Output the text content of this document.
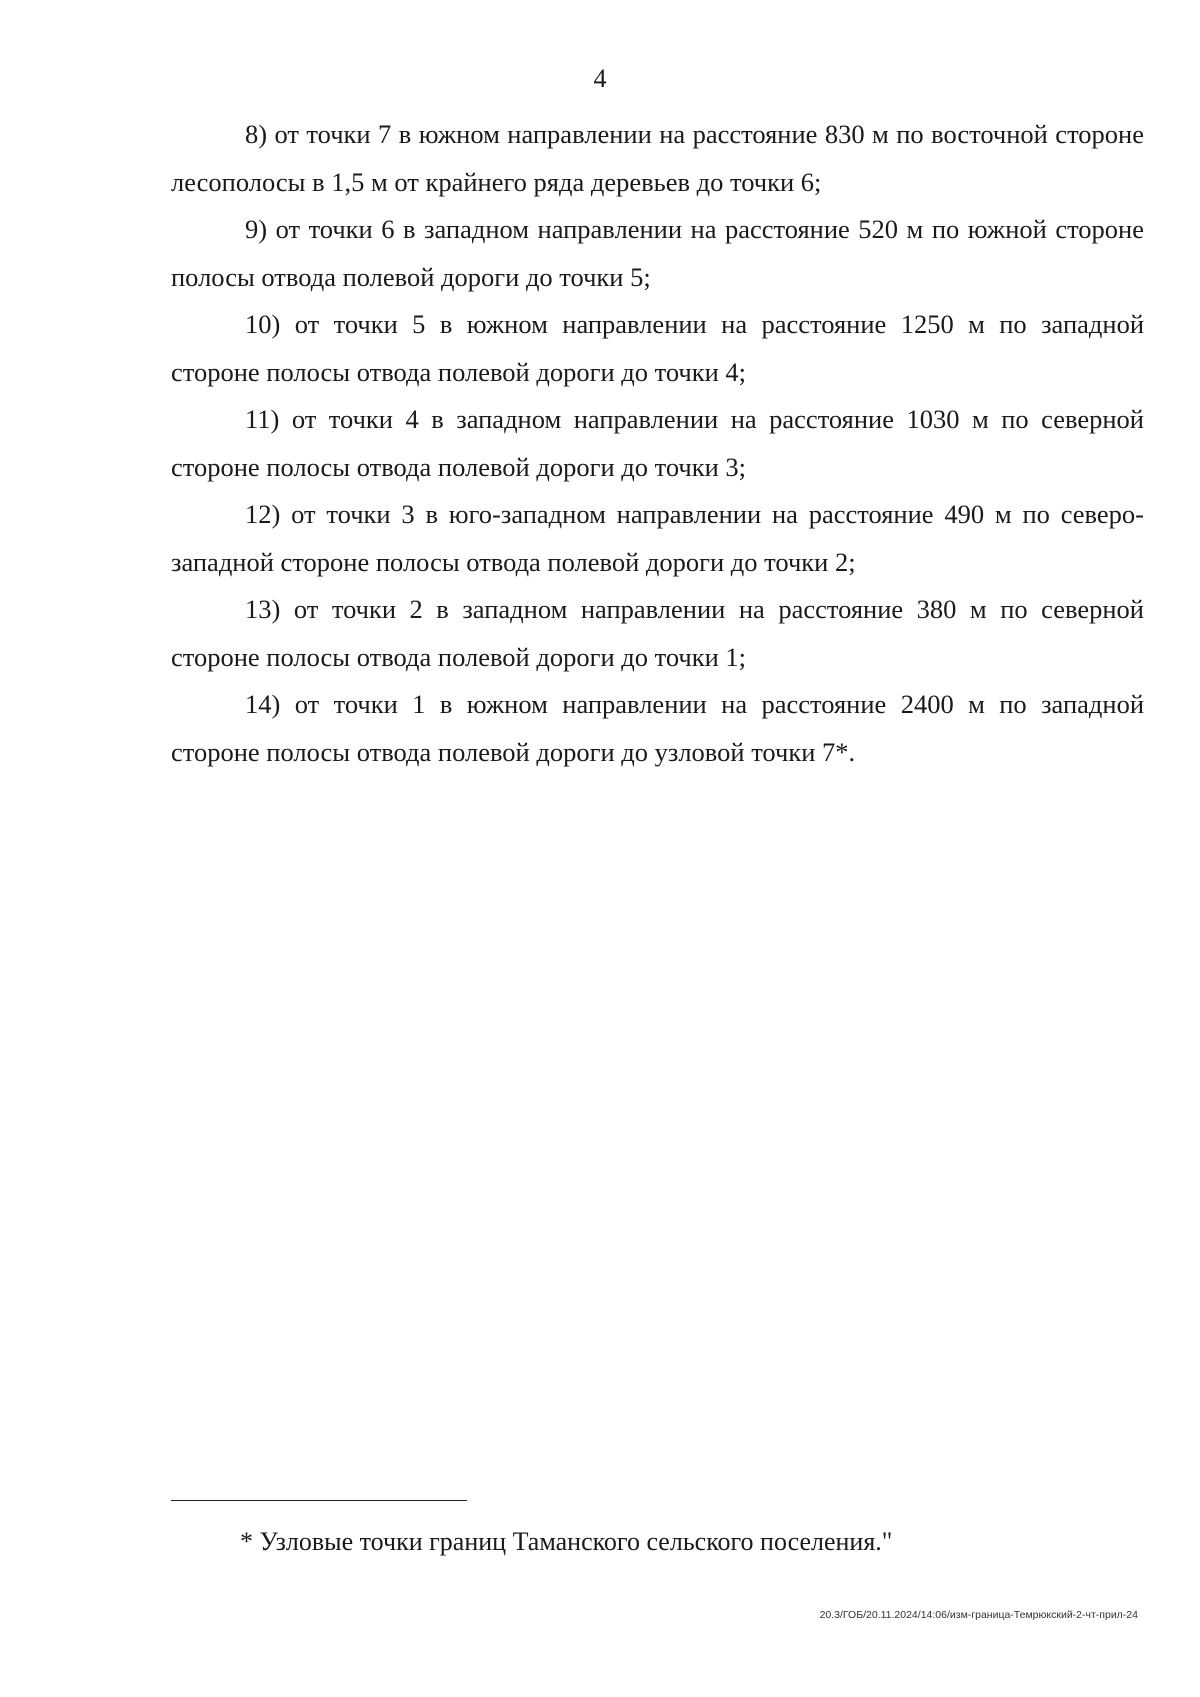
4

8) от точки 7 в южном направлении на расстояние 830 м по восточной стороне лесополосы в 1,5 м от крайнего ряда деревьев до точки 6;

9) от точки 6 в западном направлении на расстояние 520 м по южной стороне полосы отвода полевой дороги до точки 5;

10) от точки 5 в южном направлении на расстояние 1250 м по западной стороне полосы отвода полевой дороги до точки 4;

11) от точки 4 в западном направлении на расстояние 1030 м по северной стороне полосы отвода полевой дороги до точки 3;

12) от точки 3 в юго-западном направлении на расстояние 490 м по северо-западной стороне полосы отвода полевой дороги до точки 2;

13) от точки 2 в западном направлении на расстояние 380 м по северной стороне полосы отвода полевой дороги до точки 1;

14) от точки 1 в южном направлении на расстояние 2400 м по западной стороне полосы отвода полевой дороги до узловой точки 7*.

* Узловые точки границ Таманского сельского поселения."

20.3/ГОБ/20.11.2024/14:06/изм-граница-Темрюкский-2-чт-прил-24
